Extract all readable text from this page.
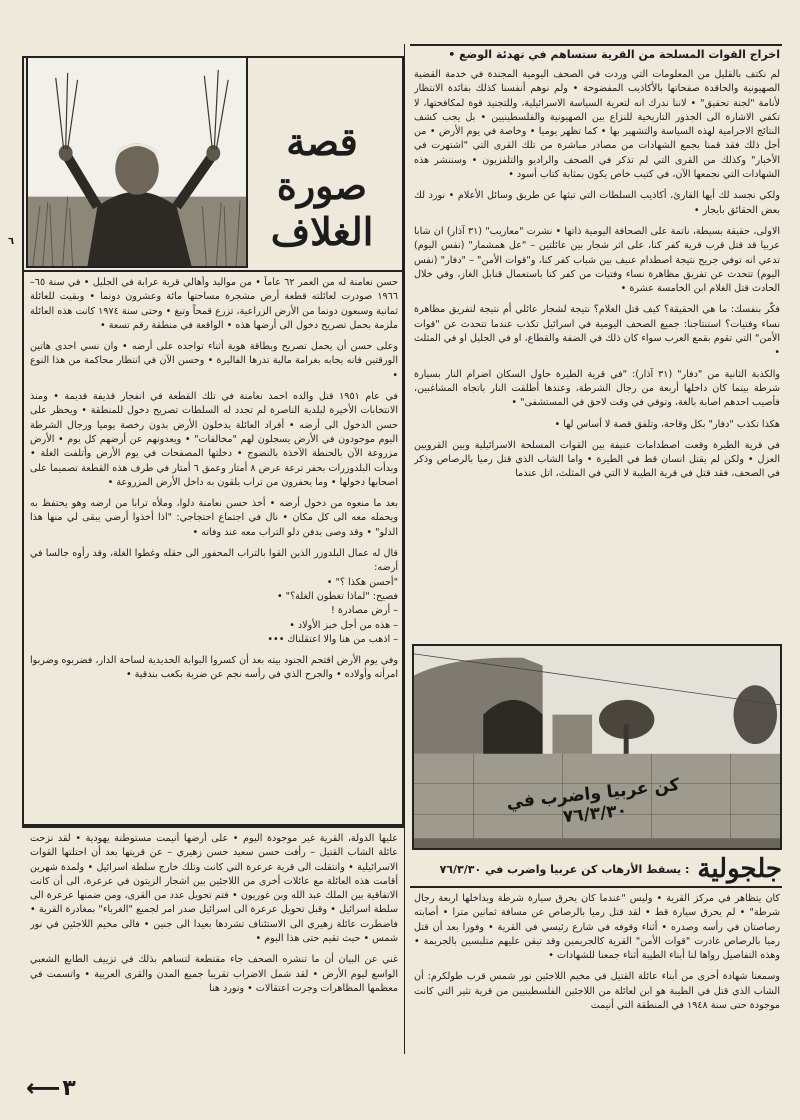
٦
قصة
صورة
الغلاف

حسن نعامنة له من العمر ٦٢ عاماً • من مواليد وأهالي قرية عرابة في الجليل • في سنة ٦٥–١٩٦٦ صودرت لعائلته قطعة أرض مشجرة مساحتها مائة وعشرون دونما • وبقيت للعائلة ثمانية وسبعون دونما من الأرض الزراعية، تزرع قمحاً وتبغ • وحتى سنة ١٩٧٤ كانت هذه العائلة ملزمة بحمل تصريح دخول الى أرضها هذه • الواقعة في منطقة رقم تسعة •

وعلى حسن أن يحمل تصريح وبطاقة هوية أثناء تواجده على أرضه • وان نسي احدى هاتين الورقتين فانه يجابه بغرامة مالية تدرها الفاليرة • وحسن الآن في انتظار محاكمة من هذا النوع •

في عام ١٩٥١ قتل والده احمد نعامنة في تلك القطعة في انفجار قذيفة قديمة • ومنذ الانتخابات الأخيرة لبلدية الناصرة لم تجدد له السلطات تصريح دخول للمنطقة • ويحظر على حسن الدخول الى أرضه • أفراد العائلة يدخلون الأرض بدون رخصة يوميا ورجال الشرطة اليوم موجودون في الأرض يسجلون لهم "مخالفات" • ويعدونهم عن أرضهم كل يوم • الأرض مزروعة الآن بالحنطة الآخذة بالنضوج • دخلتها المصفحات في يوم الأرض وأتلفت الغلة • وبدأت البلدوزرات بحفر ترعة عرض ٨ أمتار وعمق ٦ أمتار في طرف هذه القطعة تصميما على اصحابها دخولها • وما يحفرون من تراب يلقون به داخل الأرض المزروعة •

بعد ما منعوه من دخول أرضه • أخذ حسن نعامنة دلوا، وملأه ترابا من ارضه وهو يحتفظ به ويحمله معه الى كل مكان • نال في اجتماع احتجاجي: "اذا أخذوا أرضي يبقى لي منها هذا الدلو" • وقد وصى بدفن دلو التراب معه عند وفاته •

قال له عمال البلدوزر الذين القوا بالتراب المحفور الى حقله وغطوا الغلة، وقد رأوه جالسا في أرضه:

"أحسن هكذا ؟" •

فصيح: "لماذا تغطون الغلة؟" •

– أرض مصادرة !

– هذه من أجل خبز الأولاد •

– اذهب من هنا والا اعتقلناك •••

وفي يوم الأرض اقتحم الجنود بيته بعد أن كسروا البوابة الحديدية لساحة الدار، فضربوه وضربوا امرأته وأولاده • والجرح الذي في رأسه نجم عن ضربة بكعب بندقية •

عليها الدولة، القرية غير موجودة اليوم • على أرضها أنيمت مستوطنة يهودية • لقد نزحت عائلة الشاب القتيل – رأفت حسن سعيد حسن زهيري – عن قريتها بعد أن احتلتها القوات الاسرائيلية • وانتقلت الى قرية عرعرة التي كانت وتلك خارج سلطة اسرائيل • ولمدة شهرين أقامت هذه العائلة مع عائلات أخرى من اللاجئين بين اشجار الزيتون في عرعرة، الى أن كانت الاتفاقية بين الملك عبد الله وبن غوريون • فتم تحويل عدد من القرى، ومن ضمنها عرعرة الى سلطة اسرائيل • وقبل تحويل عرعرة الى اسرائيل صدر امر لجميع "الغرباء" بمغادرة القرية • فاضطرت عائلة زهيري الى الاستئناف تشردها بعيدا الى جنين • فالى مخيم اللاجئين في نور شمس • حيث تقيم حتى هذا اليوم •

غني عن البيان أن ما تنشره الصحف جاء مقتطعة لتساهم بذلك في تزييف الطابع الشعبي الواسع ليوم الأرض • لقد شمل الاضراب تقريبا جميع المدن والقرى العربية • واتسمت في معظمها المظاهرات وجرت اعتقالات • ونورد هنا

اخراج القوات المسلحة من القرية ستساهم في تهدئة الوضع •

لم نكتف بالقليل من المعلومات التي وردت في الصحف اليومية المجندة في خدمة القضية الصهيونية والحاقدة صفحاتها بالأكاذيب المفضوحة • ولم نوهم أنفسنا كذلك بفائدة الانتظار لأنامة "لجنة تحقيق" • لاننا ندرك انه لتعرية السياسة الاسرائيلية، وللتجنيد قوة لمكافحتها، لا تكفي الاشارة الى الجذور التاريخية للنزاع بين الصهيونية والفلسطينيين • بل يجب كشف النتائج الاجرامية لهذه السياسة والتشهير بها • كما تظهر يوميا • وخاصة في يوم الأرض • من أجل ذلك فقد قمنا بجمع الشهادات من مصادر مباشرة من تلك القرى التي "اشتهرت في الأخبار" وكذلك من القرى التي لم تذكر في الصحف والراديو والتلفزيون • وسننشر هذه الشهادات التي نجمعها الآن، في كتيب خاص يكون بمثابة كتاب أسود •

ولكي نجسد لك أيها القارئ، أكاذيب السلطات التي تبثها عن طريق وسائل الأعلام • نورد لك بعض الحقائق بايجاز •

الاولى، حقيقة بسيطة، ناتمة على الصحافة اليومية ذاتها • نشرت "معاريب" (٣١ آذار) ان شابا عربيا قد قتل قرب قرية كفر كنا، على اثر شجار بين عائلتين – "عل همشمار" (نفس اليوم) تدعي انه توفي جريح نتيجة اصطدام عنيف بين شباب كفر كنا، و"قوات الأمن" – "دفار" (نفس اليوم) تتحدث عن تفريق مظاهرة نساء وفتيات من كفر كنا باستعمال قنابل الغاز، وفي خلال الحادث قتل الغلام ابن الخامسة عشرة •

فكّر بنفسك: ما هي الحقيقة؟ كيف قتل الغلام؟ نتيجة لشجار عائلي أم نتيجة لتفريق مظاهرة نساء وفتيات؟ استنتاجنا: جميع الصحف اليومية في اسرائيل تكذب عندما تتحدث عن "قوات الأمن" التي تقوم بقمع العرب سواء كان ذلك في الضفة والقطاع، او في الجليل او في المثلث •

والكذبة الثانية من "دفار" (٣١ آذار): "في قرية الطيرة حاول السكان اضرام النار بسيارة شرطة بينما كان داخلها أربعة من رجال الشرطة، وعندها أطلقت النار باتجاه المشاغبين، فأصيب احدهم اصابة بالغة، وتوفي في وقت لاحق في المستشفى" •

هكذا تكذب "دفار" بكل وقاحة، وتلفق قصة لا أساس لها •

في قرية الطيرة وقعت اصطدامات عنيفة بين القوات المسلحة الاسرائيلية وبين القرويين العزل • ولكن لم يقتل انسان قط في الطيرة • واما الشاب الذي قتل رميا بالرصاص وذكر في الصحف، فقد قتل في قرية الطيبة لا التي في المثلث، اتل عندما

كن عربيا واضرب في ٧٦/٣/٣٠
جلجولية
: يسقط الأرهاب كن عربيا واضرب في ٧٦/٣/٣٠

كان يتظاهر في مركز القرية • وليس "عندما كان يحرق سيارة شرطة وبداخلها اربعة رجال شرطة" • لم يحرق سيارة قط • لقد قتل رميا بالرصاص عن مسافة ثمانين مترا • أصابته رصاصتان في رأسه وصدره • أثناء وقوفه في شارع رئيسي في القرية • وفورا بعد أن قتل رميا بالرصاص غادرت "قوات الأمن" القرية كالجريمين وقد تيقن عليهم متلبسين بالجريمة • وهذه التفاصيل رواها لنا أبناء الطيبة أثناء جمعنا للشهادات •

وسمعنا شهادة أخرى من أبناء عائلة القتيل في مخيم اللاجئين نور شمس قرب طولكرم: أن الشاب الذي قتل في الطيبة هو ابن لعائلة من اللاجئين الفلسطينيين من قرية تثير التي كانت موجودة حتى سنة ١٩٤٨ في المنطقة التي أنيمت

⟵ ٣
